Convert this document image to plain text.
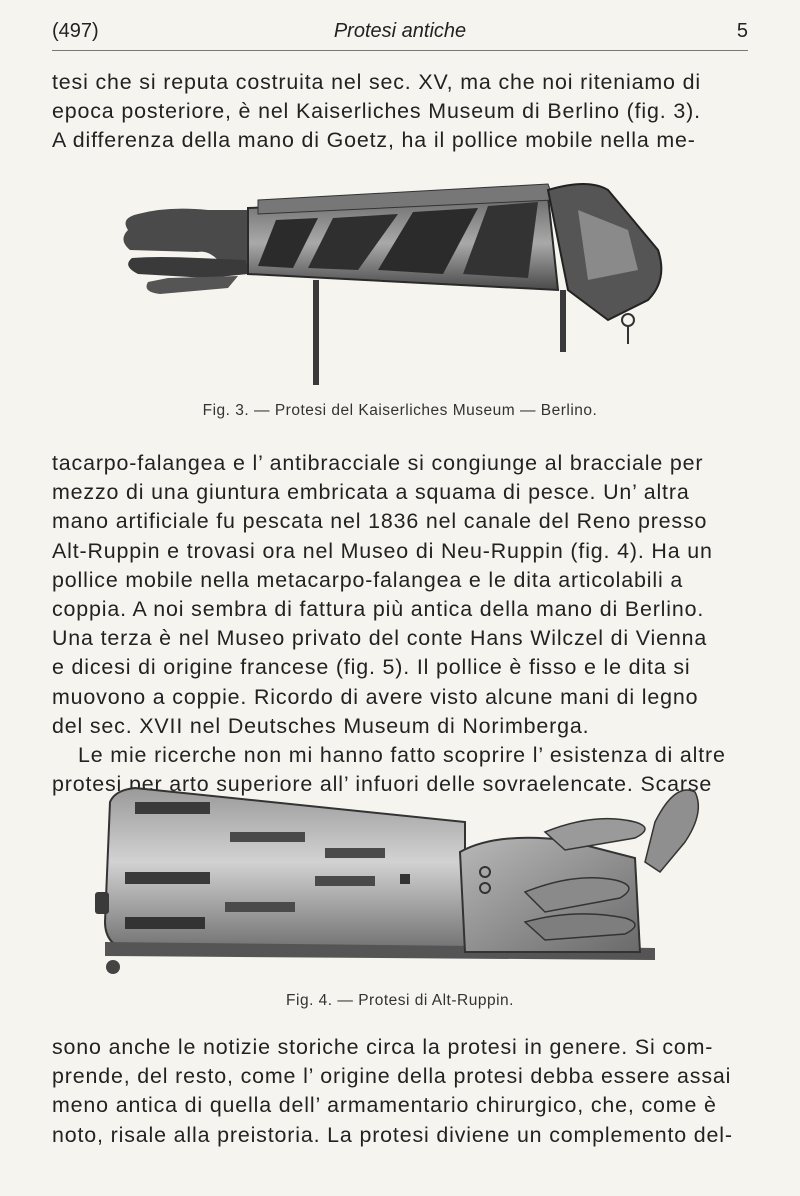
(497)	Protesi antiche	5

tesi che si reputa costruita nel sec. XV, ma che noi riteniamo di
epoca posteriore, è nel Kaiserliches Museum di Berlino (fig. 3).
A differenza della mano di Goetz, ha il pollice mobile nella me-

Fig. 3. — Protesi del Kaiserliches Museum — Berlino.

tacarpo-falangea e l’ antibracciale si congiunge al bracciale per
mezzo di una giuntura embricata a squama di pesce. Un’ altra
mano artificiale fu pescata nel 1836 nel canale del Reno presso
Alt-Ruppin e trovasi ora nel Museo di Neu-Ruppin (fig. 4). Ha un
pollice mobile nella metacarpo-falangea e le dita articolabili a
coppia. A noi sembra di fattura più antica della mano di Berlino.
Una terza è nel Museo privato del conte Hans Wilczel di Vienna
e dicesi di origine francese (fig. 5). Il pollice è fisso e le dita si
muovono a coppie. Ricordo di avere visto alcune mani di legno
del sec. XVII nel Deutsches Museum di Norimberga.
Le mie ricerche non mi hanno fatto scoprire l’ esistenza di altre
protesi per arto superiore all’ infuori delle sovraelencate. Scarse

Fig. 4. — Protesi di Alt-Ruppin.

sono anche le notizie storiche circa la protesi in genere. Si com-
prende, del resto, come l’ origine della protesi debba essere assai
meno antica di quella dell’ armamentario chirurgico, che, come è
noto, risale alla preistoria. La protesi diviene un complemento del-
